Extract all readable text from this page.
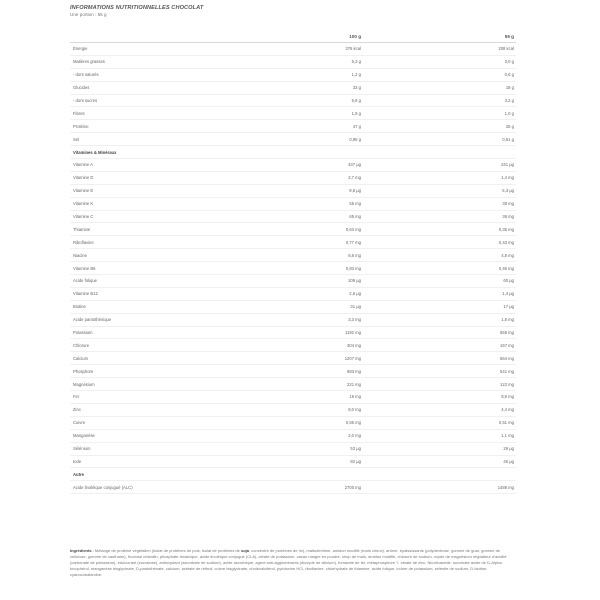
INFORMATIONS NUTRITIONNELLES CHOCOLAT
Une portion : 55 g
	100 g	55 g
Énergie	376 kcal	208 kcal
Matières grasses	5,3 g	3,0 g
- dont saturés	1,2 g	0,6 g
Glucides	33 g	18 g
- dont sucres	5,8 g	3,2 g
Fibres	1,9 g	1,0 g
Protéine	47 g	26 g
Sel	0,95 g	0,51 g
Vitamines & Minéraux		
Vitamine A	437 µg	241 µg
Vitamine D	2,7 mg	1,4 mg
Vitamine E	9,6 µg	5,3 µg
Vitamine K	55 mg	30 mg
Vitamine C	65 mg	36 mg
Thiamine	0,63 mg	0,35 mg
Riboflavine	0,77 mg	0,43 mg
Niacine	8,8 mg	4,8 mg
Vitamine B6	0,83 mg	0,46 mg
Acide folique	109 µg	60 µg
Vitamine B12	2,6 µg	1,4 µg
Biotine	31 µg	17 µg
Acide pantothénique	3,3 mg	1,8 mg
Potassium	1192 mg	655 mg
Chlorure	304 mg	167 mg
Calcium	1207 mg	664 mg
Phosphore	983 mg	541 mg
Magnésium	221 mg	122 mg
Fer	16 mg	8,9 mg
Zinc	8,0 mg	4,4 mg
Cuivre	0,55 mg	0,51 mg
Manganèse	2,0 mg	1,1 mg
Sélénium	53 µg	29 µg
Iode	82 µg	45 µg
Autre		
Acide linoléique conjugué (ALC)	2700 mg	1486 mg
Ingrédients : Mélange de protéine végétalien (isolat de protéines de pois, isolat de protéines de soja, concentré de protéines de riz), maltodextrine, amidon modifié (maïs cireux), arôme, épaississants (polydextrose, gomme de guar, gomme de cellulose, gomme de xanthane), fructose cristallin, phosphate tricalcique, acide linoléique conjugué (CLA), citrate de potassium, cacao maigre en poudre, sirop de maïs, amidon modifié, chlorure de sodium, oxyde de magnésium régulateur d'acidité (carbonate de potassium), édulcorant (sucralose), antioxydant (ascorbate de sodium), acide ascorbique, agent anti-agglomérants (dioxyde de silicium), fumarate de fer, métaphosphore ?, citrate de zinc, Nicotinamide, succinate acide de D-Alpha-tocophérol, manganèse bisglycinate, D-pantothénate, calcium, acétate de rétinol, cuivre bisglycinate, cholécalciférol, pyridoxine HCl, riboflavine, chlorhydrate de thiamine, acide folique, iodure de potassium, sélénite de sodium, D-biotine, cyanocobalamine.
